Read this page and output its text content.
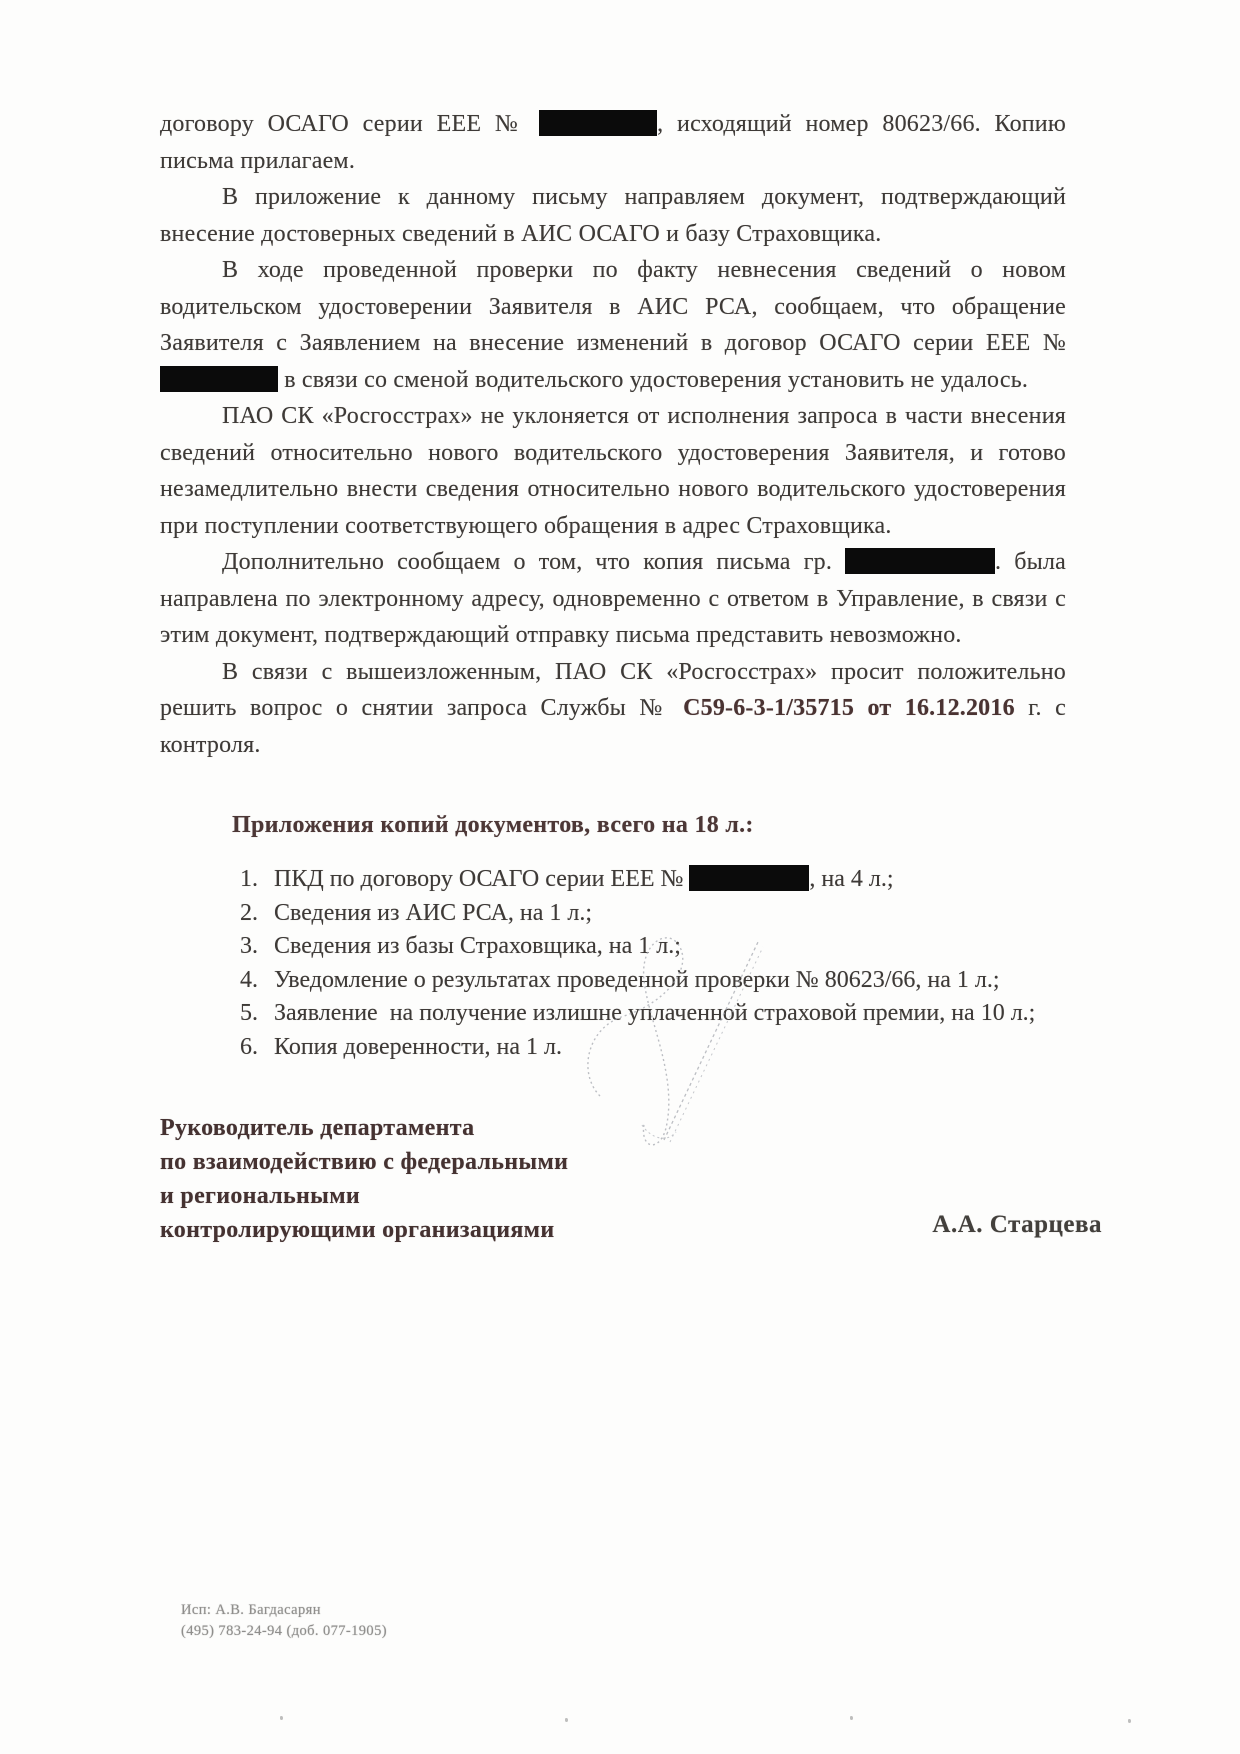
договору ОСАГО серии ЕЕЕ №	, исходящий номер 80623/66. Копию письма прилагаем.

В приложение к данному письму направляем документ, подтверждающий внесение достоверных сведений в АИС ОСАГО и базу Страховщика.

В ходе проведенной проверки по факту невнесения сведений о новом водительском удостоверении Заявителя в АИС РСА, сообщаем, что обращение Заявителя с Заявлением на внесение изменений в договор ОСАГО серии ЕЕЕ №  в связи со сменой водительского удостоверения установить не удалось.

ПАО СК «Росгосстрах» не уклоняется от исполнения запроса в части внесения сведений относительно нового водительского удостоверения Заявителя, и готово незамедлительно внести сведения относительно нового водительского удостоверения при поступлении соответствующего обращения в адрес Страховщика.

Дополнительно сообщаем о том, что копия письма гр.	. была направлена по электронному адресу, одновременно с ответом в Управление, в связи с этим документ, подтверждающий отправку письма представить невозможно.

В связи с вышеизложенным, ПАО СК «Росгосстрах» просит положительно решить вопрос о снятии запроса Службы № С59-6-3-1/35715 от 16.12.2016 г. с контроля.

Приложения копий документов, всего на 18 л.:
1. ПКД по договору ОСАГО серии ЕЕЕ №	, на 4 л.;
2. Сведения из АИС РСА, на 1 л.;
3. Сведения из базы Страховщика, на 1 л.;
4. Уведомление о результатах проведенной проверки № 80623/66, на 1 л.;
5. Заявление  на получение излишне уплаченной страховой премии, на 10 л.;
6. Копия доверенности, на 1 л.
Руководитель департамента
по взаимодействию с федеральными
и региональными
контролирующими организациями	А.А. Старцева
Исп: А.В. Багдасарян
(495) 783-24-94 (доб. 077-1905)
